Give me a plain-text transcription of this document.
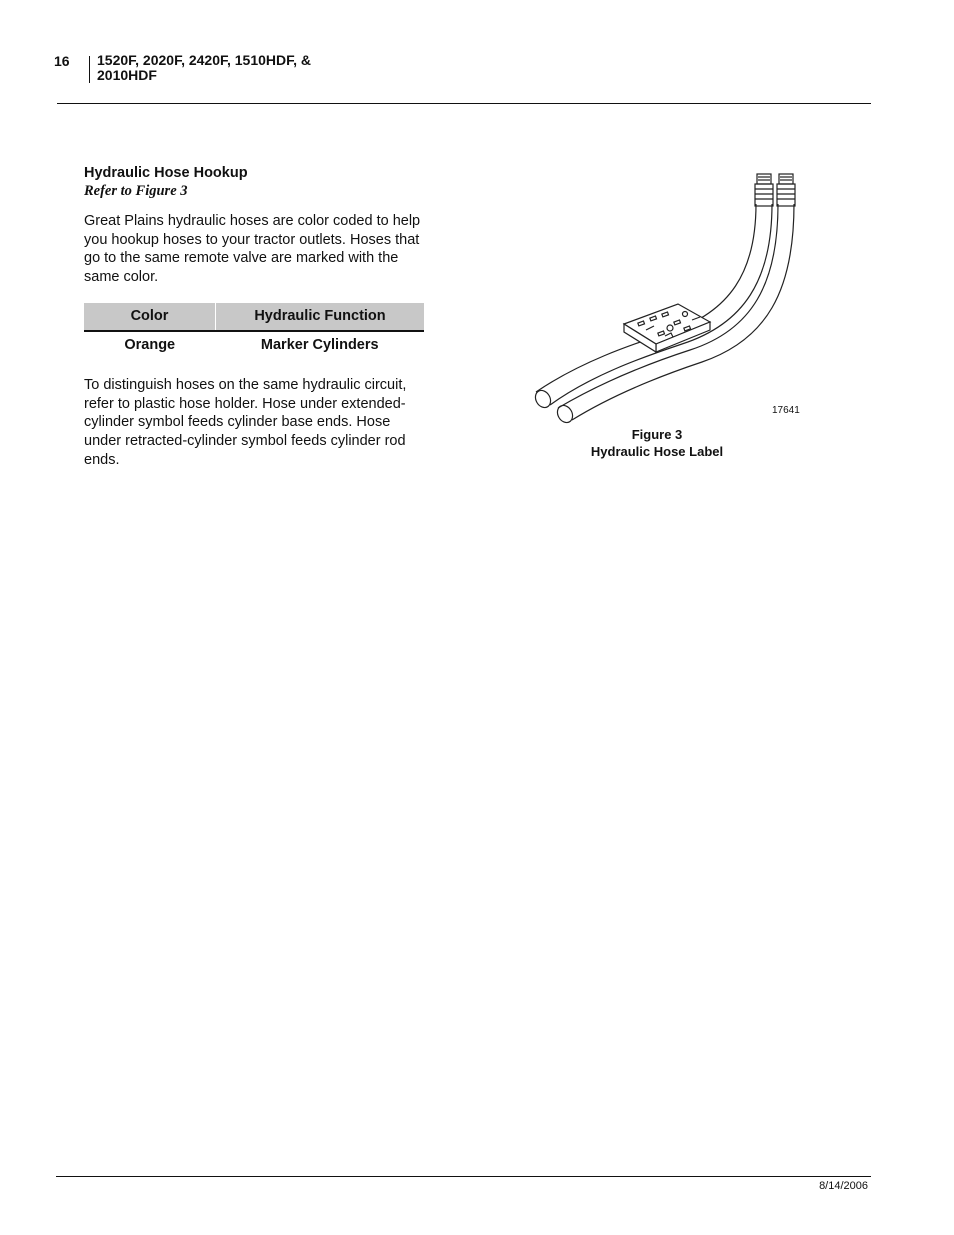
16 1520F, 2020F, 2420F, 1510HDF, &
2010HDF

Hydraulic Hose Hookup

Refer to Figure 3

Great Plains hydraulic hoses are color coded to help you hookup hoses to your tractor outlets. Hoses that go to the same remote valve are marked with the same color.

Color	Hydraulic Function
Orange	Marker Cylinders

To distinguish hoses on the same hydraulic circuit, refer to plastic hose holder. Hose under extended-cylinder symbol feeds cylinder base ends. Hose under retracted-cylinder symbol feeds cylinder rod ends.

17641
Figure 3
Hydraulic Hose Label
8/14/2006
